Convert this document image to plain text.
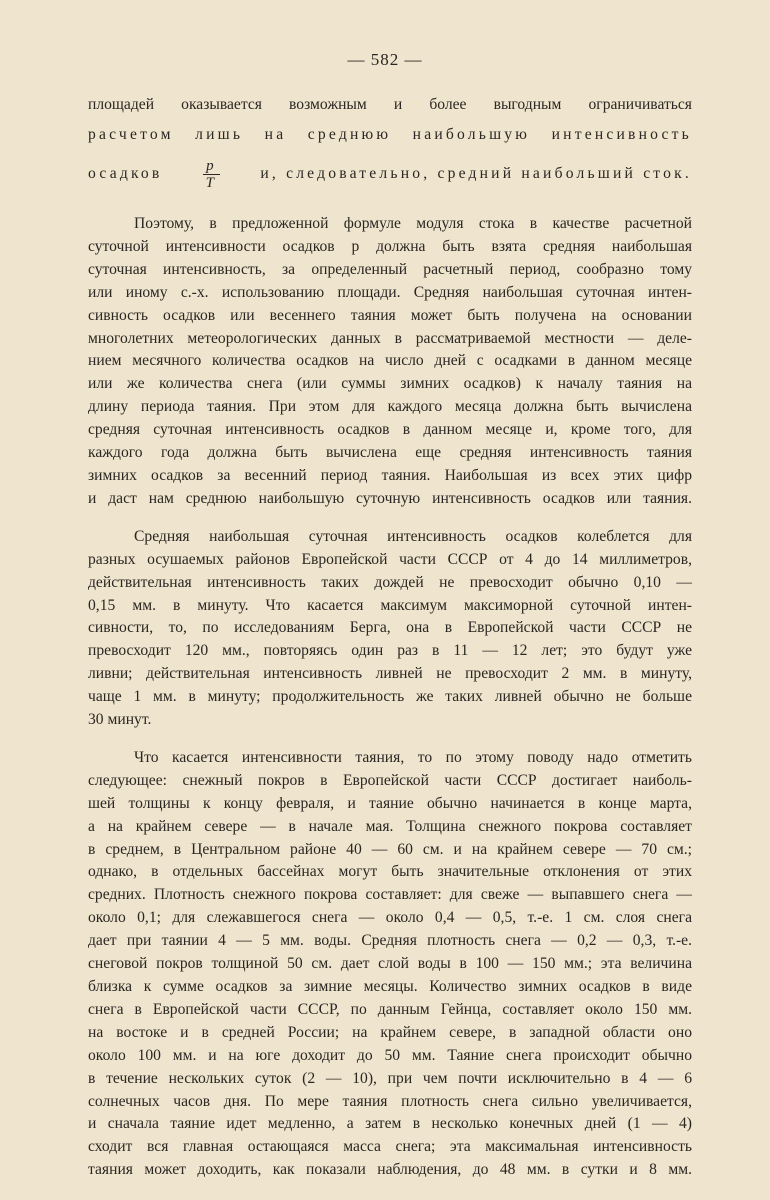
— 582 —
площадей оказывается возможным и более выгодным ограничиваться
расчетом лишь на среднюю наибольшую интенсивность
осадков	$\frac{p}{T}$	и, следовательно, средний наибольший сток.
Поэтому, в предложенной формуле модуля стока в качестве расчетной
суточной интенсивности осадков p должна быть взята средняя наибольшая
суточная интенсивность, за определенный расчетный период, сообразно тому
или иному с.-х. использованию площади. Средняя наибольшая суточная интен-
сивность осадков или весеннего таяния может быть получена на основании
многолетних метеорологических данных в рассматриваемой местности — деле-
нием месячного количества осадков на число дней с осадками в данном месяце
или же количества снега (или суммы зимних осадков) к началу таяния на
длину периода таяния. При этом для каждого месяца должна быть вычислена
средняя суточная интенсивность осадков в данном месяце и, кроме того, для
каждого года должна быть вычислена еще средняя интенсивность таяния
зимних осадков за весенний период таяния. Наибольшая из всех этих цифр
и даст нам среднюю наибольшую суточную интенсивность осадков или таяния.
Средняя наибольшая суточная интенсивность осадков колеблется для
разных осушаемых районов Европейской части СССР от 4 до 14 миллиметров,
действительная интенсивность таких дождей не превосходит обычно 0,10 —
0,15 мм. в минуту. Что касается максимум максиморной суточной интен-
сивности, то, по исследованиям Берга, она в Европейской части СССР не
превосходит 120 мм., повторяясь один раз в 11 — 12 лет; это будут уже
ливни; действительная интенсивность ливней не превосходит 2 мм. в минуту,
чаще 1 мм. в минуту; продолжительность же таких ливней обычно не больше
30 минут.
Что касается интенсивности таяния, то по этому поводу надо отметить
следующее: снежный покров в Европейской части СССР достигает наиболь-
шей толщины к концу февраля, и таяние обычно начинается в конце марта,
а на крайнем севере — в начале мая. Толщина снежного покрова составляет
в среднем, в Центральном районе 40 — 60 см. и на крайнем севере — 70 см.;
однако, в отдельных бассейнах могут быть значительные отклонения от этих
средних. Плотность снежного покрова составляет: для свеже — выпавшего снега —
около 0,1; для слежавшегося снега — около 0,4 — 0,5, т.-е. 1 см. слоя снега
дает при таянии 4 — 5 мм. воды. Средняя плотность снега — 0,2 — 0,3, т.-е.
снеговой покров толщиной 50 см. дает слой воды в 100 — 150 мм.; эта величина
близка к сумме осадков за зимние месяцы. Количество зимних осадков в виде
снега в Европейской части СССР, по данным Гейнца, составляет около 150 мм.
на востоке и в средней России; на крайнем севере, в западной области оно
около 100 мм. и на юге доходит до 50 мм. Таяние снега происходит обычно
в течение нескольких суток (2 — 10), при чем почти исключительно в 4 — 6
солнечных часов дня. По мере таяния плотность снега сильно увеличивается,
и сначала таяние идет медленно, а затем в несколько конечных дней (1 — 4)
сходит вся главная остающаяся масса снега; эта максимальная интенсивность
таяния может доходить, как показали наблюдения, до 48 мм. в сутки и 8 мм.
